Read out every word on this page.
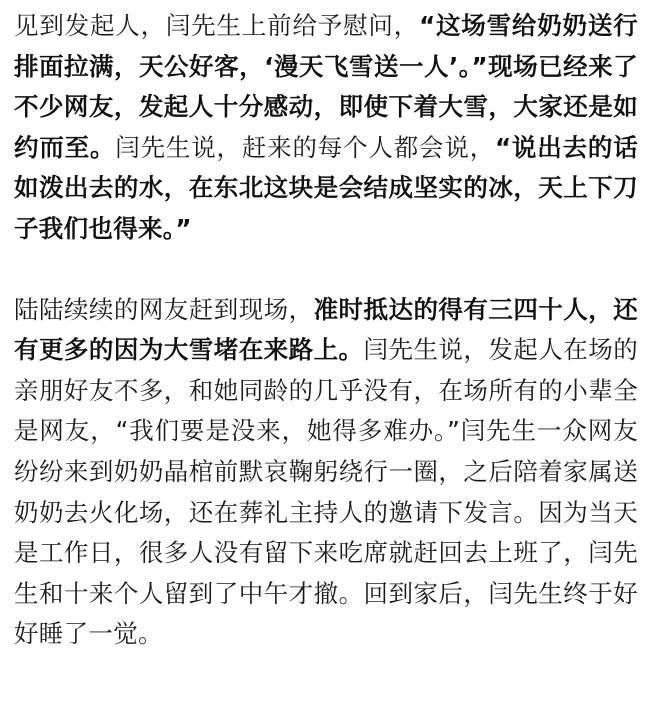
见到发起人，闫先生上前给予慰问，“这场雪给奶奶送行排面拉满，天公好客，‘漫天飞雪送一人’。”现场已经来了不少网友，发起人十分感动，即使下着大雪，大家还是如约而至。闫先生说，赶来的每个人都会说，“说出去的话如泼出去的水，在东北这块是会结成坚实的冰，天上下刀子我们也得来。”

陆陆续续的网友赶到现场，准时抵达的得有三四十人，还有更多的因为大雪堵在来路上。闫先生说，发起人在场的亲朋好友不多，和她同龄的几乎没有，在场所有的小辈全是网友，“我们要是没来，她得多难办。”闫先生一众网友纷纷来到奶奶晶棺前默哀鞠躬绕行一圈，之后陪着家属送奶奶去火化场，还在葬礼主持人的邀请下发言。因为当天是工作日，很多人没有留下来吃席就赶回去上班了，闫先生和十来个人留到了中午才撤。回到家后，闫先生终于好好睡了一觉。
